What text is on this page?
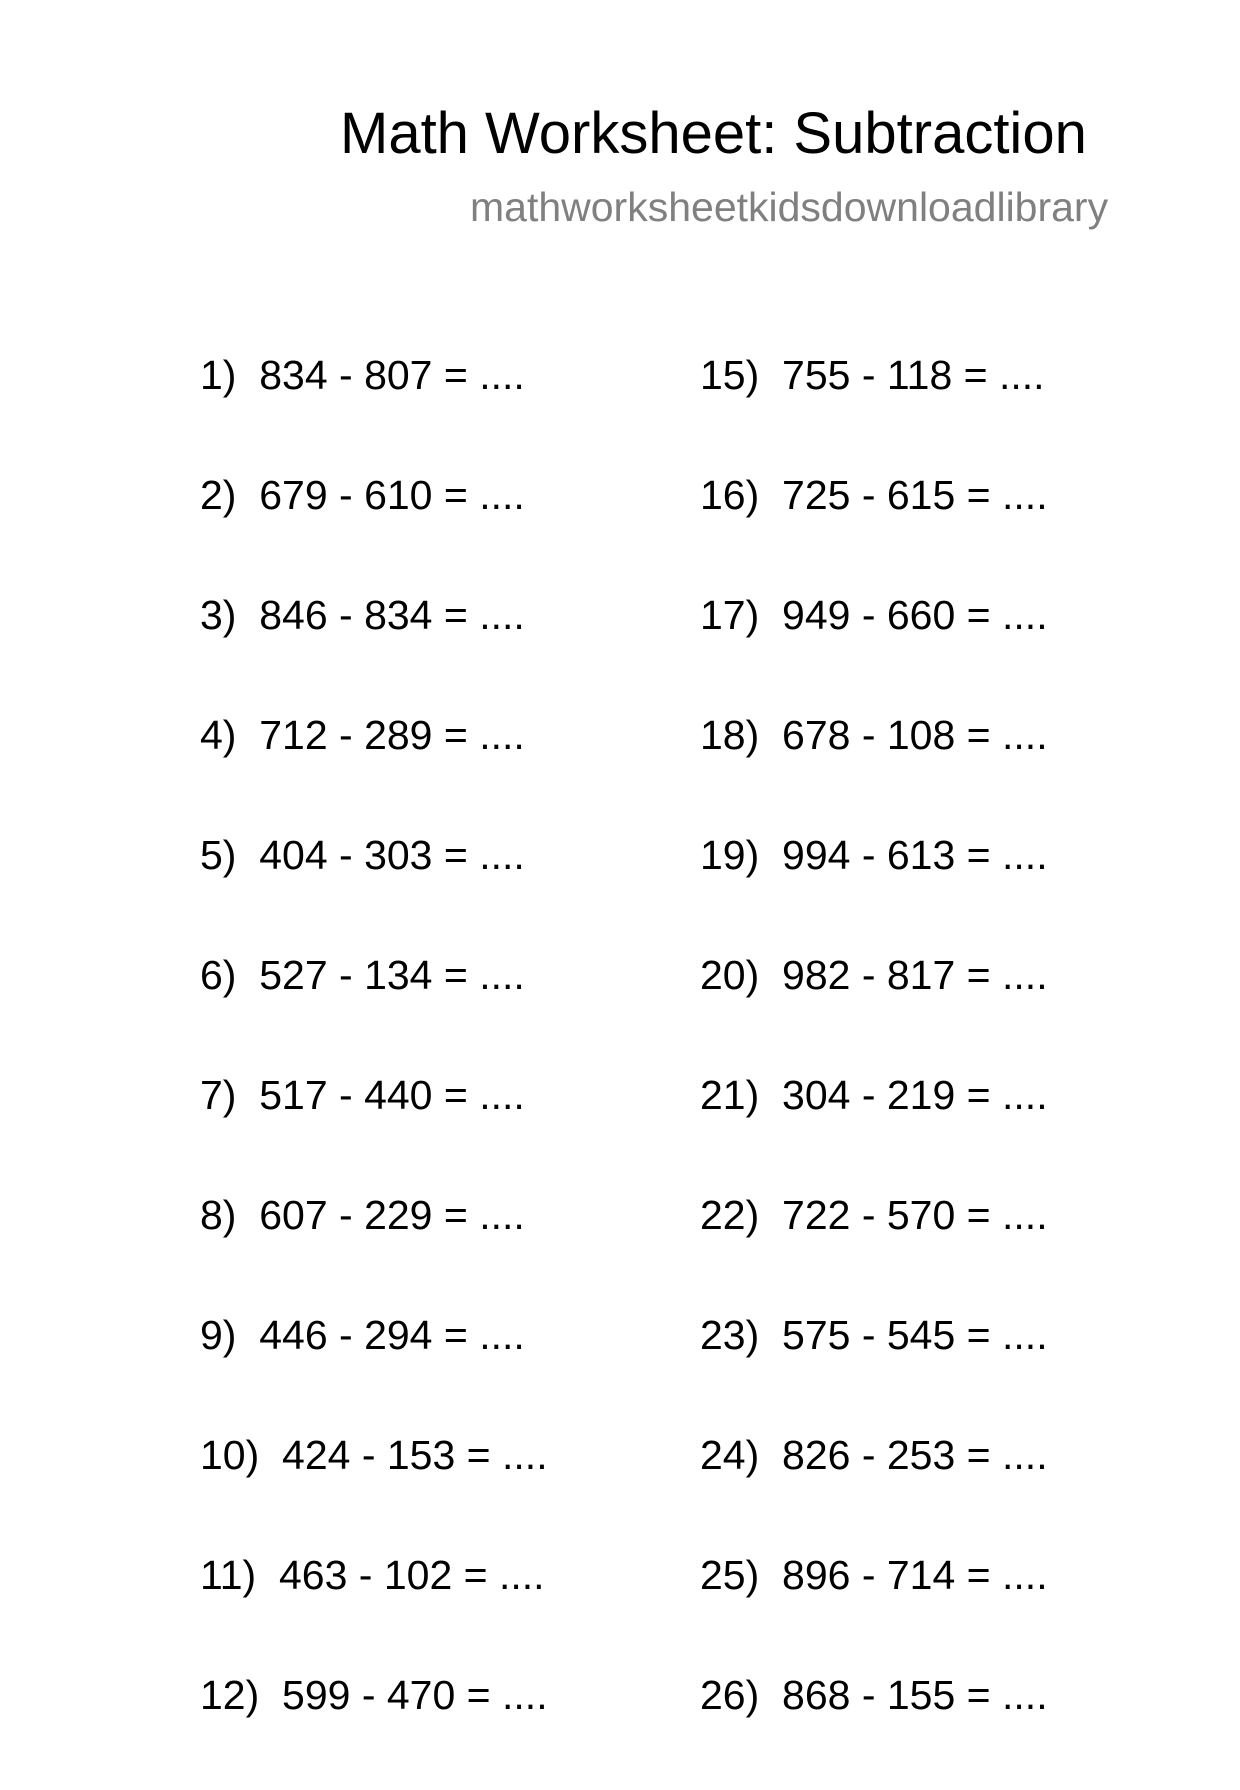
Math Worksheet: Subtraction
mathworksheetkidsdownloadlibrary
1)  834 - 807 = ....
2)  679 - 610 = ....
3)  846 - 834 = ....
4)  712 - 289 = ....
5)  404 - 303 = ....
6)  527 - 134 = ....
7)  517 - 440 = ....
8)  607 - 229 = ....
9)  446 - 294 = ....
10)  424 - 153 = ....
11)  463 - 102 = ....
12)  599 - 470 = ....
15)  755 - 118 = ....
16)  725 - 615 = ....
17)  949 - 660 = ....
18)  678 - 108 = ....
19)  994 - 613 = ....
20)  982 - 817 = ....
21)  304 - 219 = ....
22)  722 - 570 = ....
23)  575 - 545 = ....
24)  826 - 253 = ....
25)  896 - 714 = ....
26)  868 - 155 = ....
